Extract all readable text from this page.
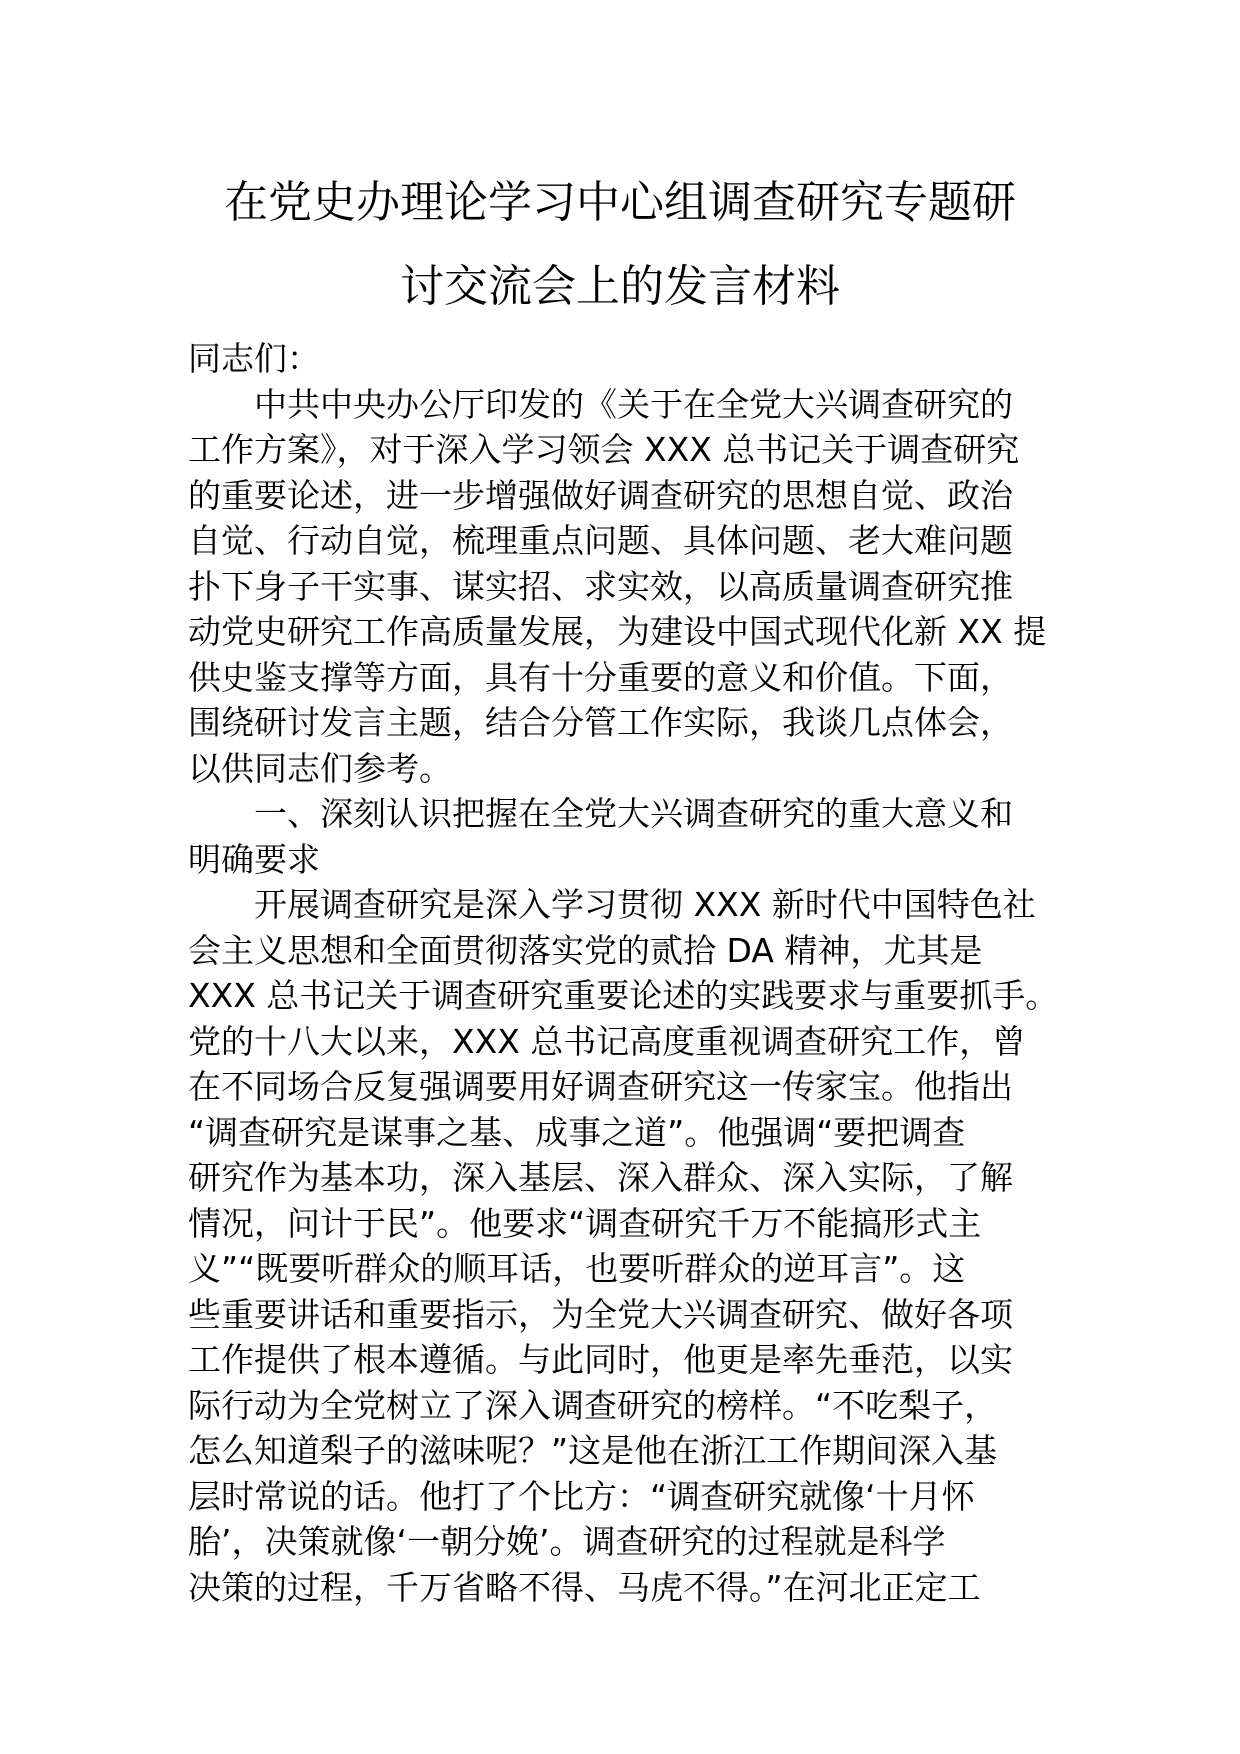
在党史办理论学习中心组调查研究专题研
讨交流会上的发言材料
同志们：
中共中央办公厅印发的《关于在全党大兴调查研究的
工作方案》，对于深入学习领会 XXX 总书记关于调查研究
的重要论述，进一步增强做好调查研究的思想自觉、政治
自觉、行动自觉，梳理重点问题、具体问题、老大难问题
扑下身子干实事、谋实招、求实效，以高质量调查研究推
动党史研究工作高质量发展，为建设中国式现代化新 XX 提
供史鉴支撑等方面，具有十分重要的意义和价值。下面，
围绕研讨发言主题，结合分管工作实际，我谈几点体会，
以供同志们参考。
一、深刻认识把握在全党大兴调查研究的重大意义和
明确要求
开展调查研究是深入学习贯彻 XXX 新时代中国特色社
会主义思想和全面贯彻落实党的贰拾 DA 精神，尤其是
XXX 总书记关于调查研究重要论述的实践要求与重要抓手。
党的十八大以来，XXX 总书记高度重视调查研究工作，曾
在不同场合反复强调要用好调查研究这一传家宝。他指出
“调查研究是谋事之基、成事之道”。他强调“要把调查
研究作为基本功，深入基层、深入群众、深入实际，了解
情况，问计于民”。他要求“调查研究千万不能搞形式主
义”“既要听群众的顺耳话，也要听群众的逆耳言”。这
些重要讲话和重要指示，为全党大兴调查研究、做好各项
工作提供了根本遵循。与此同时，他更是率先垂范，以实
际行动为全党树立了深入调查研究的榜样。“不吃梨子，
怎么知道梨子的滋味呢？”这是他在浙江工作期间深入基
层时常说的话。他打了个比方：“调查研究就像‘十月怀
胎’，决策就像‘一朝分娩’。调查研究的过程就是科学
决策的过程，千万省略不得、马虎不得。”在河北正定工
